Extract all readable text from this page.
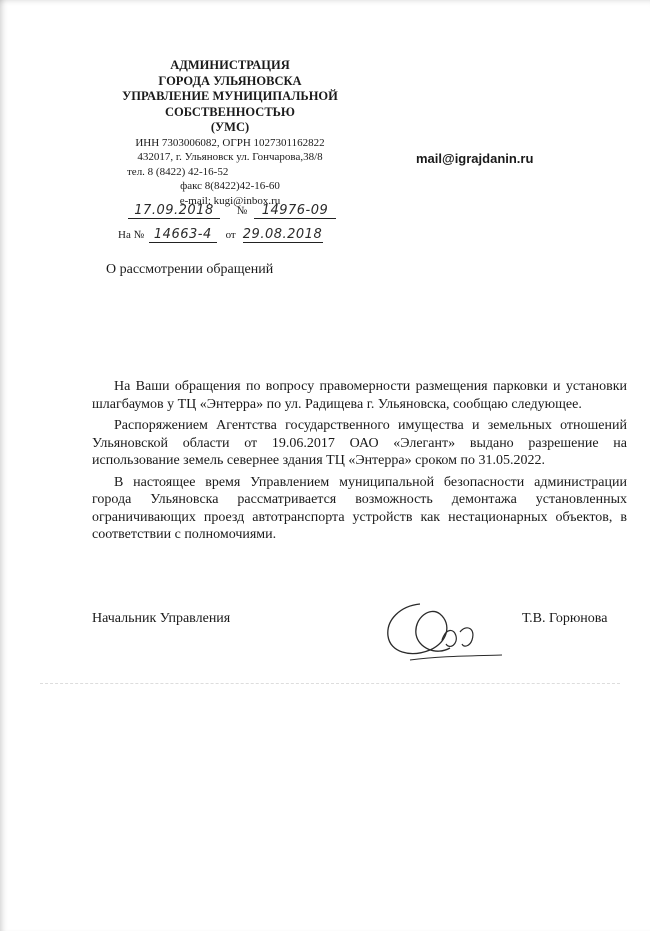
АДМИНИСТРАЦИЯ
ГОРОДА УЛЬЯНОВСКА
УПРАВЛЕНИЕ МУНИЦИПАЛЬНОЙ
СОБСТВЕННОСТЬЮ
(УМС)
ИНН 7303006082, ОГРН 1027301162822
432017, г. Ульяновск ул. Гончарова,38/8
тел. 8 (8422) 42-16-52
факс 8(8422)42-16-60
e-mail: kugi@inbox.ru
mail@igrajdanin.ru
17.09.2018 № 14976-09
На № 14663-4 от 29.08.2018
О рассмотрении обращений

На Ваши обращения по вопросу правомерности размещения парковки и установки шлагбаумов у ТЦ «Энтерра» по ул. Радищева г. Ульяновска, сообщаю следующее.

Распоряжением Агентства государственного имущества и земельных отношений Ульяновской области от 19.06.2017 ОАО «Элегант» выдано разрешение на использование земель севернее здания ТЦ «Энтерра» сроком по 31.05.2022.

В настоящее время Управлением муниципальной безопасности администрации города Ульяновска рассматривается возможность демонтажа установленных ограничивающих проезд автотранспорта устройств как нестационарных объектов, в соответствии с полномочиями.

Начальник Управления	Т.В. Горюнова
